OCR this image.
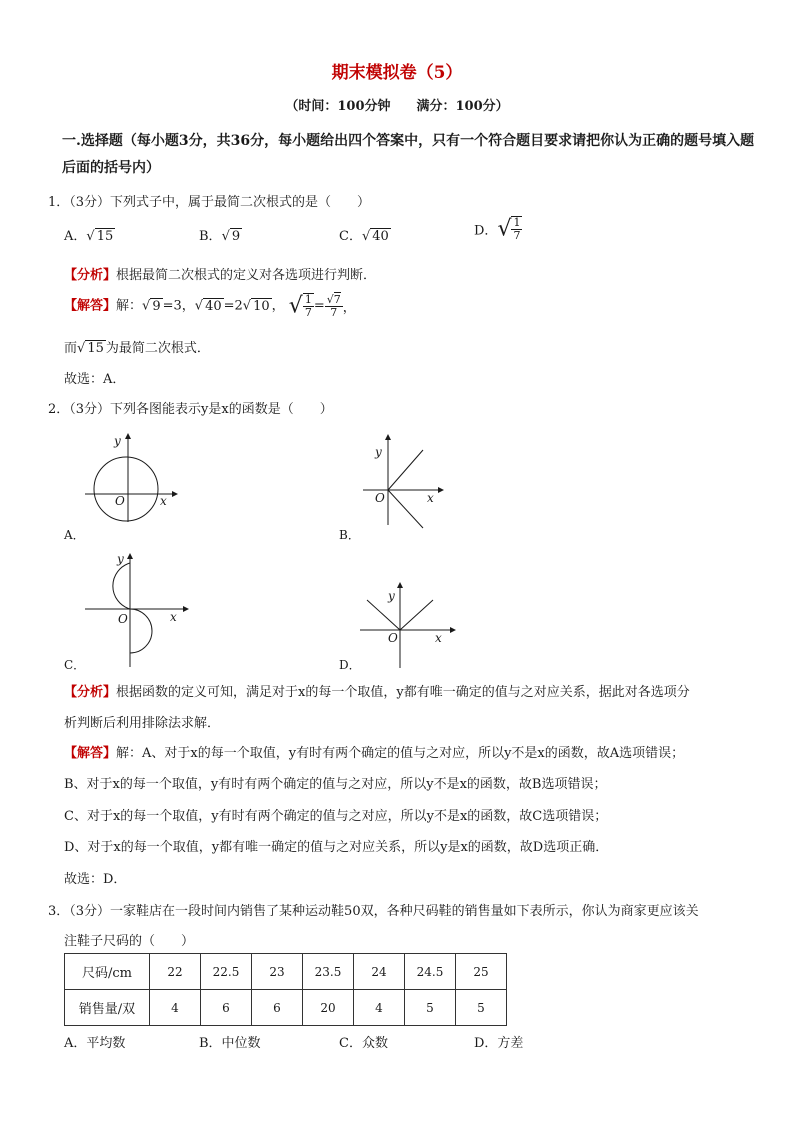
期末模拟卷（5）
（时间：100分钟　　满分：100分）
一.选择题（每小题3分，共36分，每小题给出四个答案中，只有一个符合题目要求请把你认为正确的题号填入题
后面的括号内）
1．（3分）下列式子中，属于最简二次根式的是（　　）
A．√ 15	B．√ 9	C．√ 40	D．√ $\frac{1}{7}$
【分析】根据最简二次根式的定义对各选项进行判断．
【解答】解：√ 9 =3，√ 40 =2√ 10 ， √ $\frac{1}{7} = \frac{√7}{7}$ ，
而√ 15 为最简二次根式．
故选：A．
2．（3分）下列各图能表示y是x的函数是（　　）
y
O	x
A．
y
O	x
B．
y
O	x
C．
y
O	x
D．
【分析】根据函数的定义可知，满足对于x的每一个取值，y都有唯一确定的值与之对应关系，据此对各选项分
析判断后利用排除法求解．
【解答】解：A、对于x的每一个取值，y有时有两个确定的值与之对应，所以y不是x的函数，故A选项错误；
B、对于x的每一个取值，y有时有两个确定的值与之对应，所以y不是x的函数，故B选项错误；
C、对于x的每一个取值，y有时有两个确定的值与之对应，所以y不是x的函数，故C选项错误；
D、对于x的每一个取值，y都有唯一确定的值与之对应关系，所以y是x的函数，故D选项正确．
故选：D．
3．（3分）一家鞋店在一段时间内销售了某种运动鞋50双，各种尺码鞋的销售量如下表所示，你认为商家更应该关
注鞋子尺码的（　　）
尺码/cm	22	22.5	23	23.5	24	24.5	25
销售量/双	4	6	6	20	4	5	5
A．平均数	B．中位数	C．众数	D．方差
